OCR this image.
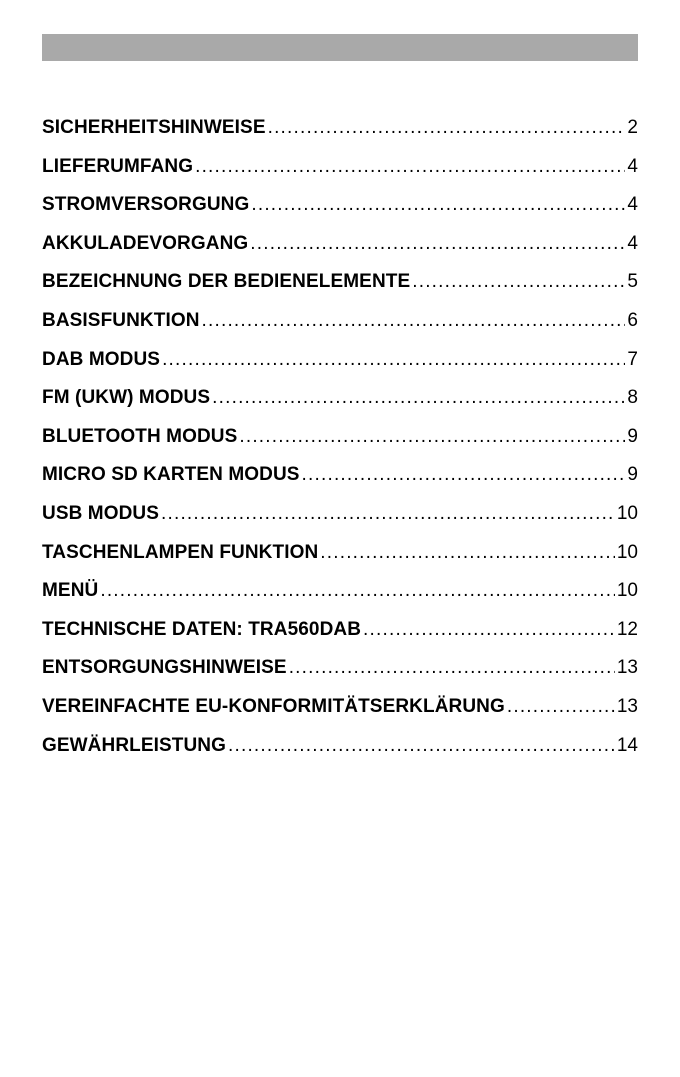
SICHERHEITSHINWEISE .....	2
LIEFERUMFANG .....	4
STROMVERSORGUNG .....	4
AKKULADEVORGANG .....	4
BEZEICHNUNG DER BEDIENELEMENTE .....	5
BASISFUNKTION .....	6
DAB MODUS .....	7
FM (UKW) MODUS .....	8
BLUETOOTH MODUS .....	9
MICRO SD KARTEN MODUS .....	9
USB MODUS .....	10
TASCHENLAMPEN FUNKTION .....	10
MENÜ .....	10
TECHNISCHE DATEN: TRA560DAB .....	12
ENTSORGUNGSHINWEISE .....	13
VEREINFACHTE EU-KONFORMITÄTSERKLÄRUNG .....	13
GEWÄHRLEISTUNG .....	14
